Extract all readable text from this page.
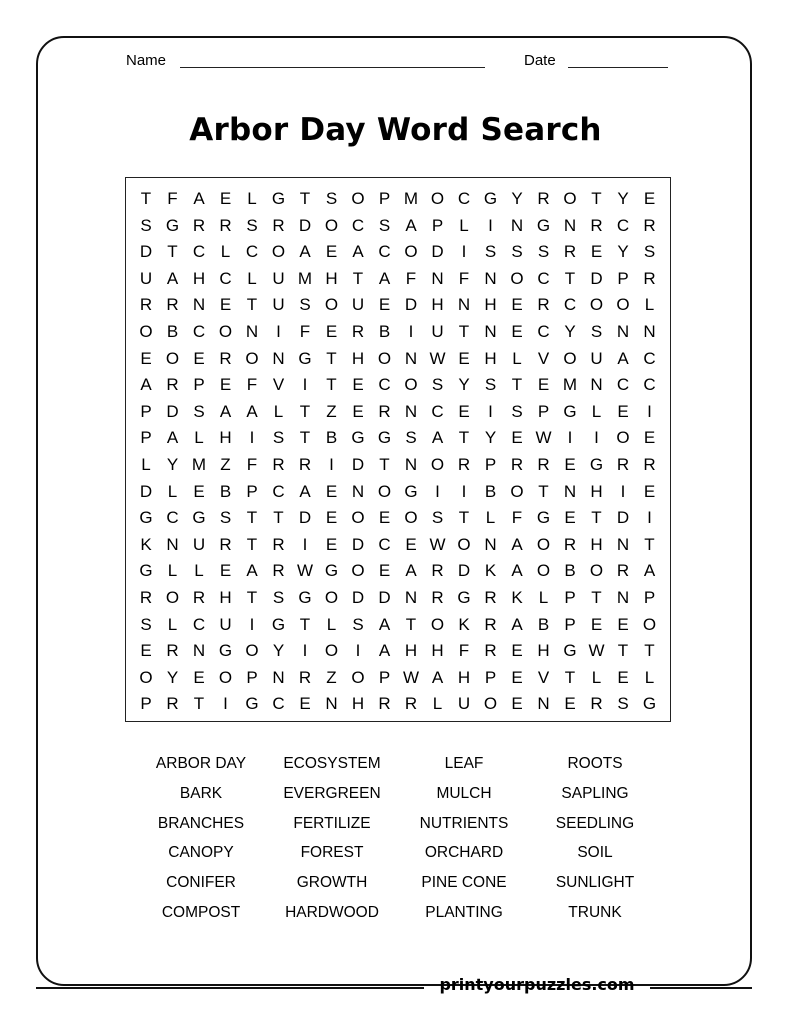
Name	Date
Arbor Day Word Search
T F A E L G T S O P M O C G Y R O T Y E
S G R R S R D O C S A P L	I	N G N R C R
D T C L C O A E A C O D	I	S S S R E Y S
U A H C L U M H T A F N F N O C T D P R
R R N E T U S O U E D H N H E R C O O L
O B C O N	I	F E R B	I	U T N E C Y S N N
E O E R O N G T H O N W E H L V O U A C
A R P E F V	I	T E C O S Y S T E M N C C
P D S A A L T Z E R N C E	I	S P G L E	I
P A L H	I	S T B G G S A T Y E W I	I	O E
L Y M Z F R R	I	D T N O R P R R E G R R
D L E B P C A E N O G	I	I	B O T N H	I	E
G C G S T T D E O E O S T L F G E T D	I
K N U R T R	I	E D C E W O N A O R H N T
G L	L E A R W G O E A R D K A O B O R A
R O R H T S G O D D N R G R K L P T N P
S L C U	I	G T L S A T O K R A B P E E O
E R N G O Y	I	O	I	A H H F R E H G W T T
O Y E O P N R Z O P W A H P E V T L E L
P R T	I	G C E N H R R L U O E N E R S G
ARBOR DAY	ECOSYSTEM	LEAF	ROOTS
BARK	EVERGREEN	MULCH	SAPLING
BRANCHES	FERTILIZE	NUTRIENTS	SEEDLING
CANOPY	FOREST	ORCHARD	SOIL
CONIFER	GROWTH	PINE CONE	SUNLIGHT
COMPOST	HARDWOOD	PLANTING	TRUNK
printyourpuzzles.com
